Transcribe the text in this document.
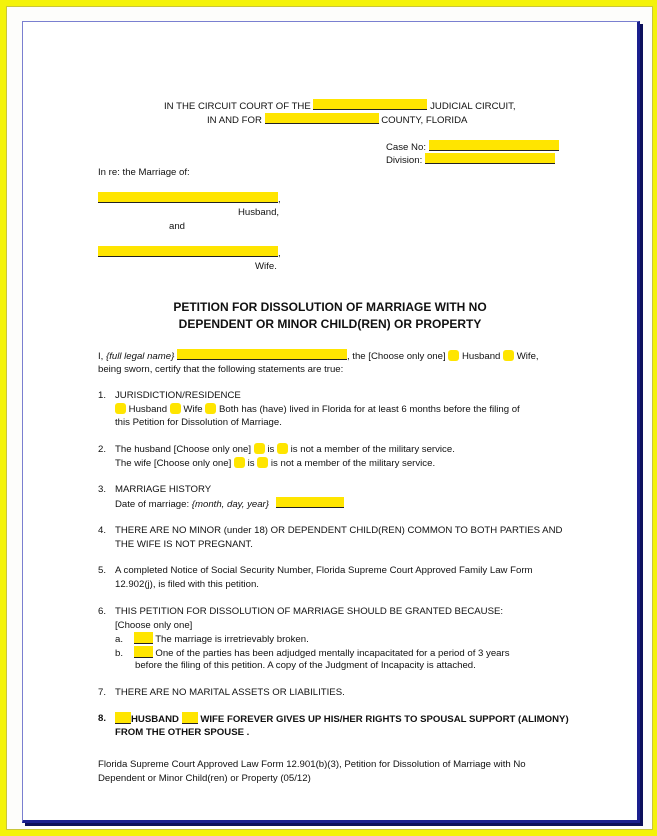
IN THE CIRCUIT COURT OF THE	JUDICIAL CIRCUIT,
IN AND FOR	COUNTY, FLORIDA
Case No:
Division:
In re: the Marriage of:
,
Husband,
and
,
Wife.
PETITION FOR DISSOLUTION OF MARRIAGE WITH NO
DEPENDENT OR MINOR CHILD(REN) OR PROPERTY
I, {full legal name}	, the [Choose only one] Husband Wife,
being sworn, certify that the following statements are true:
1. JURISDICTION/RESIDENCE
Husband Wife Both has (have) lived in Florida for at least 6 months before the filing of
this Petition for Dissolution of Marriage.
2. The husband [Choose only one] is is not a member of the military service.
The wife [Choose only one] is is not a member of the military service.
3. MARRIAGE HISTORY
Date of marriage: {month, day, year}
4. THERE ARE NO MINOR (under 18) OR DEPENDENT CHILD(REN) COMMON TO BOTH PARTIES AND
THE WIFE IS NOT PREGNANT.
5. A completed Notice of Social Security Number, Florida Supreme Court Approved Family Law Form
12.902(j), is filed with this petition.
6. THIS PETITION FOR DISSOLUTION OF MARRIAGE SHOULD BE GRANTED BECAUSE:
[Choose only one]
a.	The marriage is irretrievably broken.
b.	One of the parties has been adjudged mentally incapacitated for a period of 3 years
before the filing of this petition. A copy of the Judgment of Incapacity is attached.
7. THERE ARE NO MARITAL ASSETS OR LIABILITIES.
8.	HUSBAND WIFE FOREVER GIVES UP HIS/HER RIGHTS TO SPOUSAL SUPPORT (ALIMONY)
FROM THE OTHER SPOUSE .
Florida Supreme Court Approved Law Form 12.901(b)(3), Petition for Dissolution of Marriage with No
Dependent or Minor Child(ren) or Property (05/12)
